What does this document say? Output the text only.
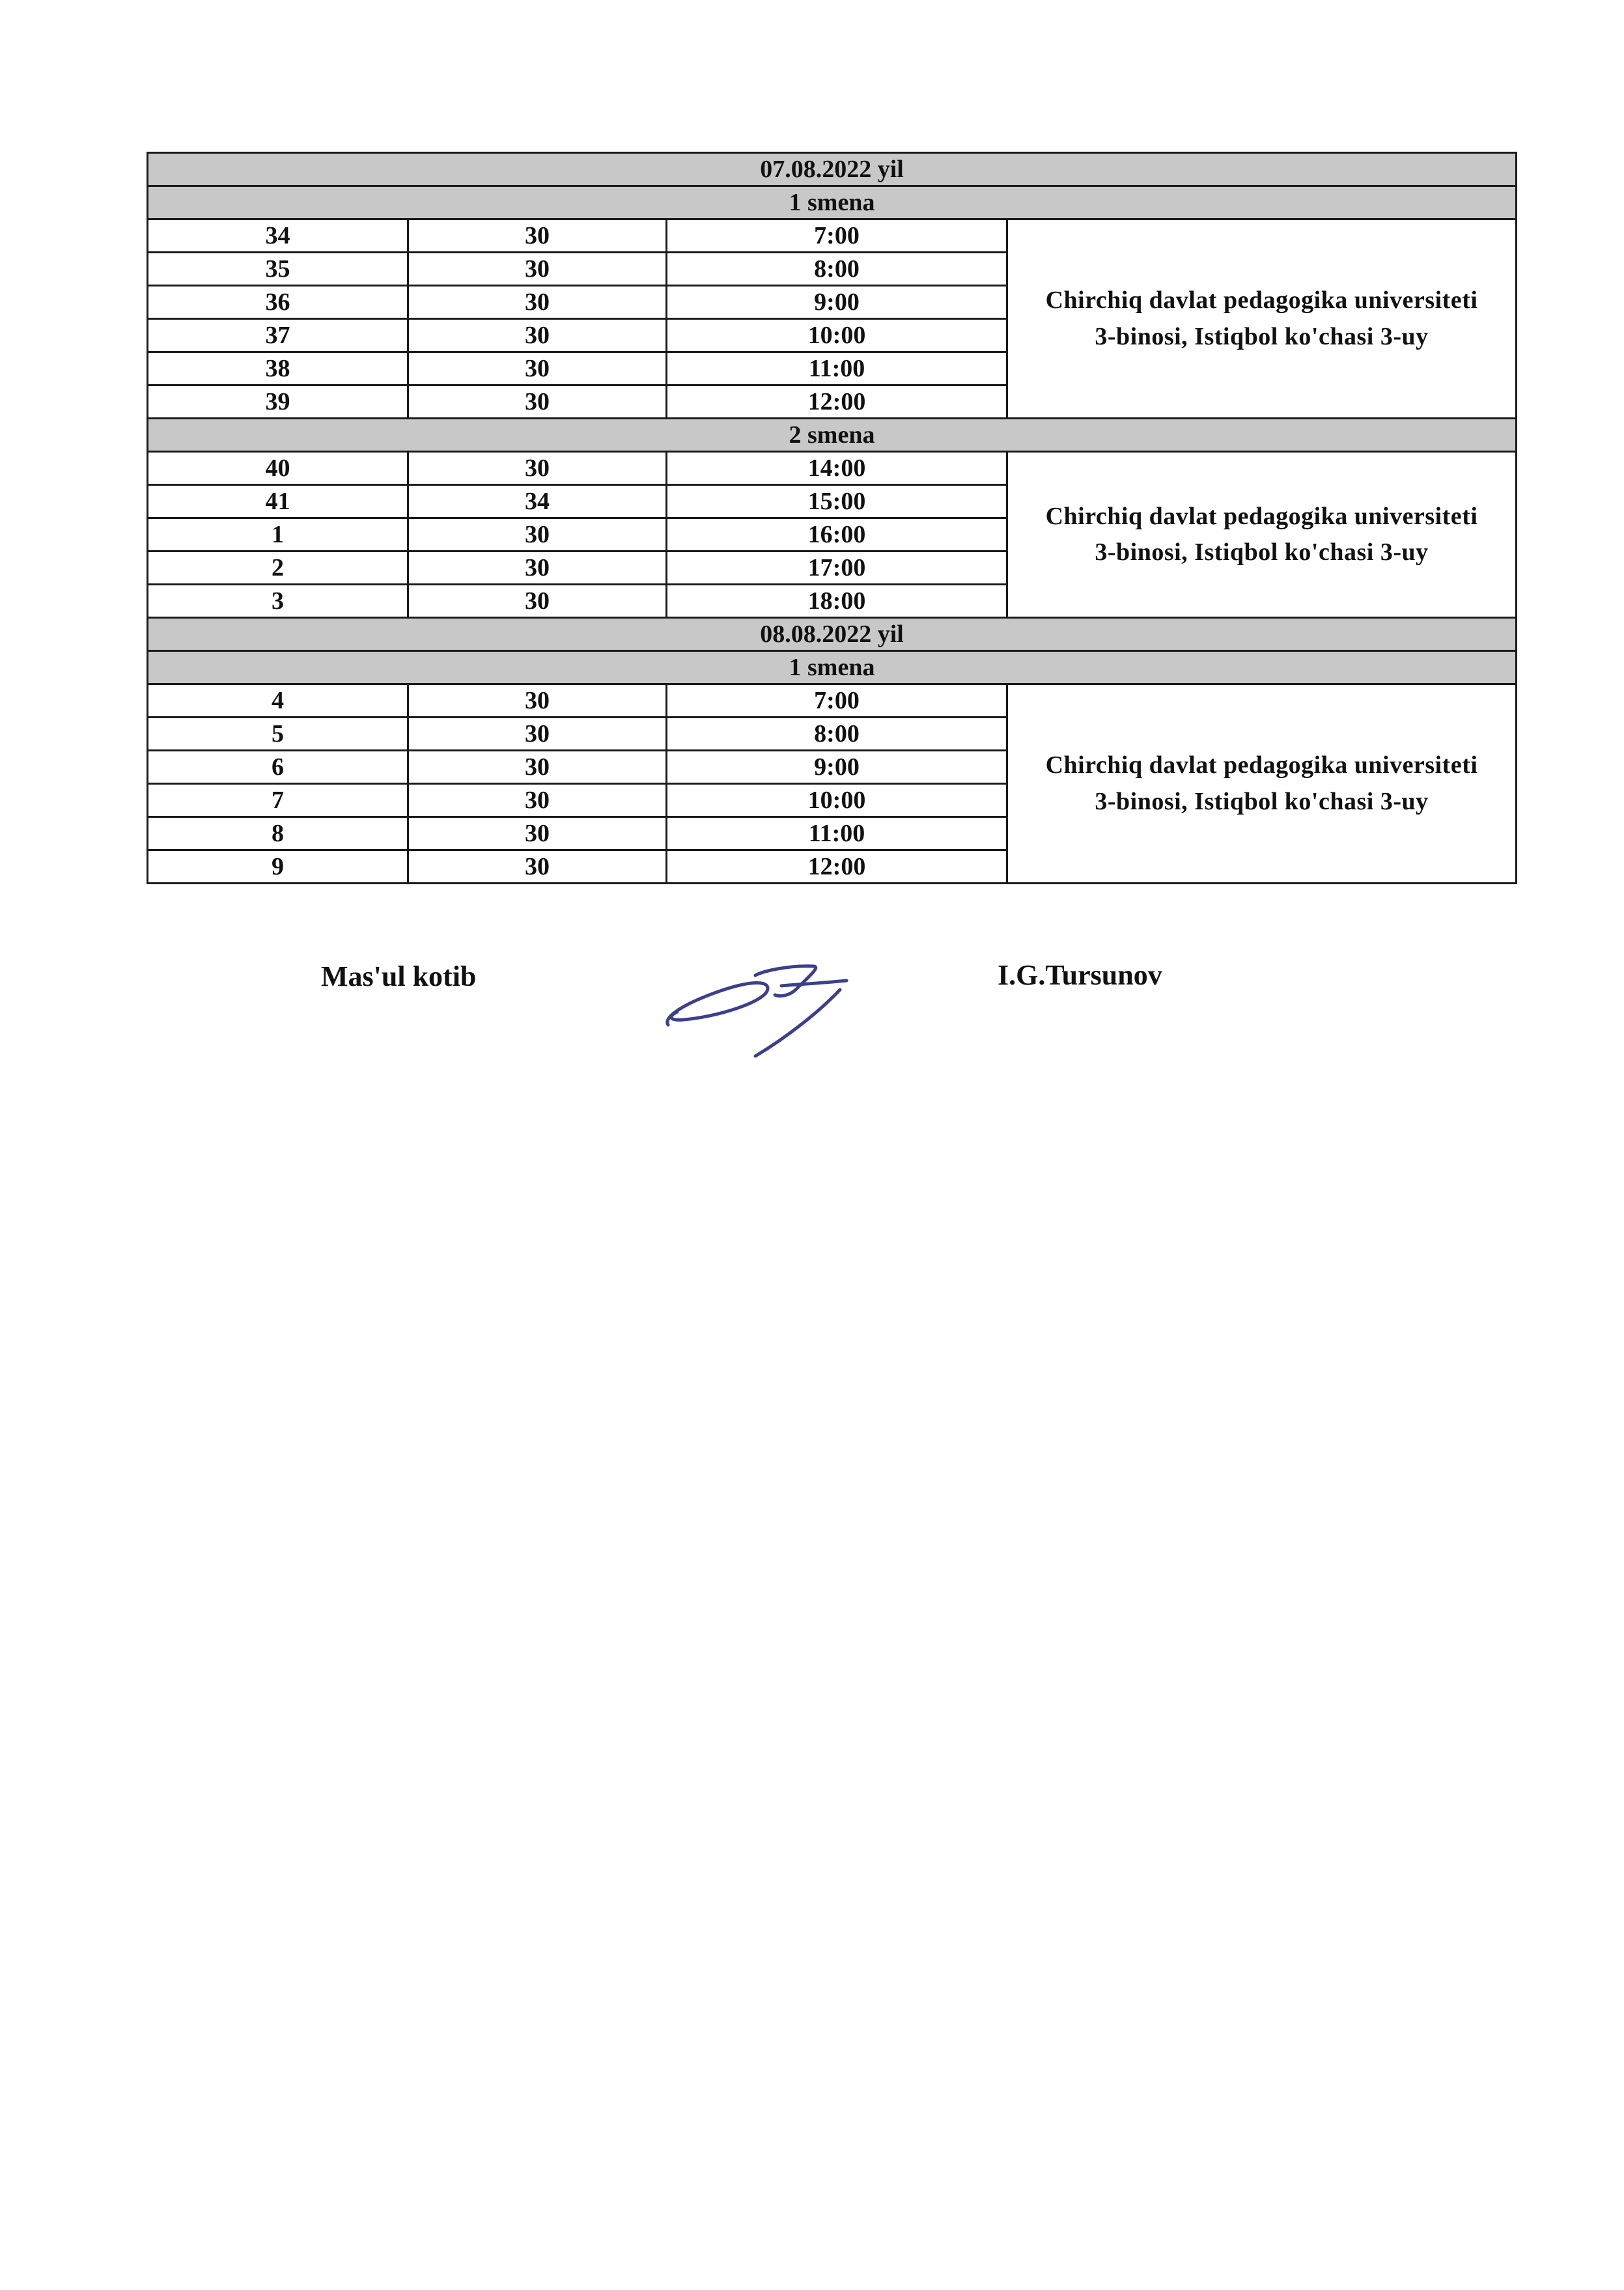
07.08.2022 yil			
1 smena			
34	30	7:00	Chirchiq davlat pedagogika universiteti
3-binosi, Istiqbol ko'chasi 3-uy

35	30	8:00	
36	30	9:00	
37	30	10:00	
38	30	11:00	
39	30	12:00	
2 smena			
40	30	14:00	Chirchiq davlat pedagogika universiteti
3-binosi, Istiqbol ko'chasi 3-uy

41	34	15:00	
1	30	16:00	
2	30	17:00	
3	30	18:00	
08.08.2022 yil			
1 smena			
4	30	7:00	Chirchiq davlat pedagogika universiteti
3-binosi, Istiqbol ko'chasi 3-uy

5	30	8:00	
6	30	9:00	
7	30	10:00	
8	30	11:00	
9	30	12:00	
Mas'ul kotib	I.G.Tursunov
